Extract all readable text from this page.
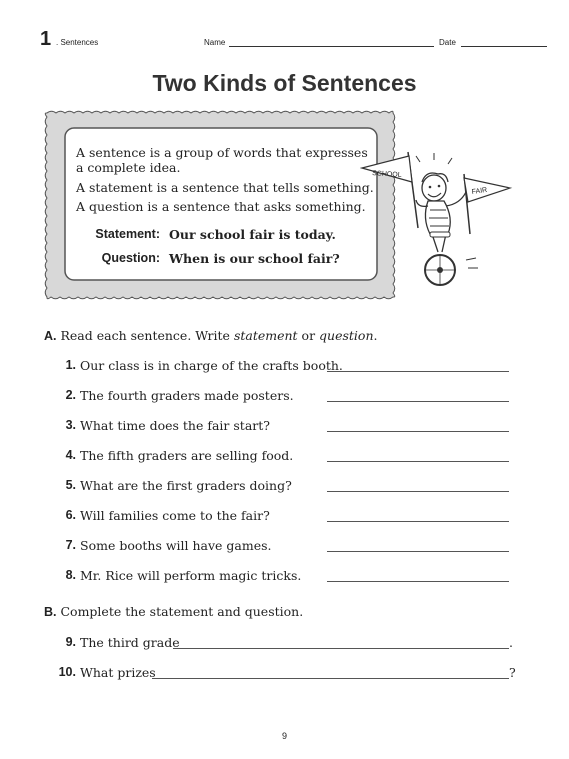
1 . Sentences	Name	Date
Two Kinds of Sentences
A sentence is a group of words that expresses
a complete idea.
A statement is a sentence that tells something.
A question is a sentence that asks something.
Statement: Our school fair is today.
Question: When is our school fair?
SCHOOL
FAIR
A. Read each sentence. Write statement or question.
1. Our class is in charge of the crafts booth.
2. The fourth graders made posters.
3. What time does the fair start?
4. The fifth graders are selling food.
5. What are the first graders doing?
6. Will families come to the fair?
7. Some booths will have games.
8. Mr. Rice will perform magic tricks.
B. Complete the statement and question.
9. The third grade	.
10. What prizes	?
9
